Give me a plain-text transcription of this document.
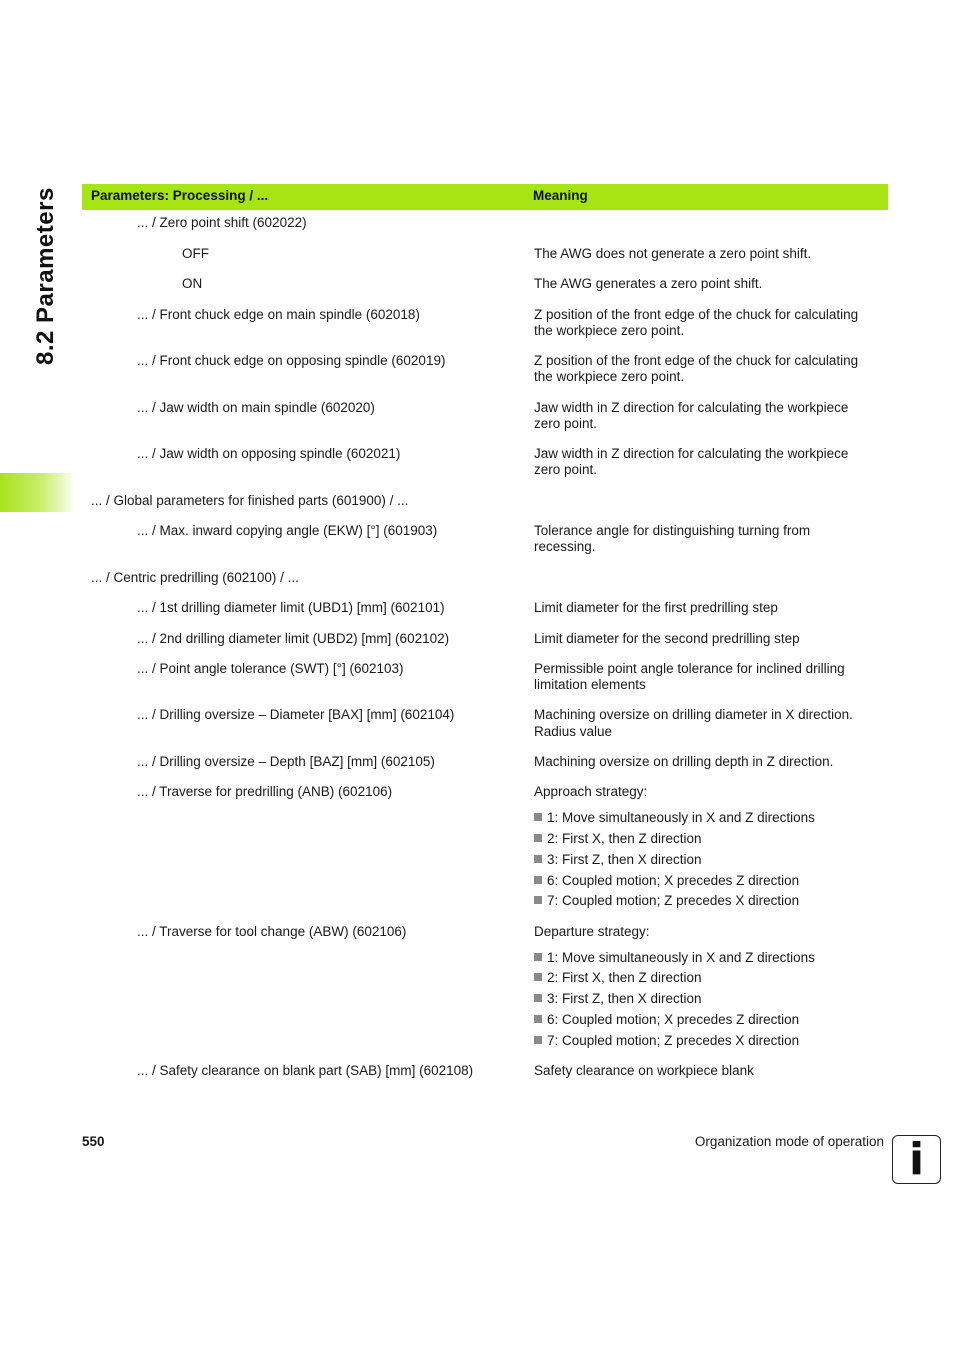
8.2 Parameters Parameters: Processing / ...	Meaning
... / Zero point shift (602022)
OFF	The AWG does not generate a zero point shift.
ON	The AWG generates a zero point shift.
... / Front chuck edge on main spindle (602018)	Z position of the front edge of the chuck for calculating
the workpiece zero point.
... / Front chuck edge on opposing spindle (602019)	Z position of the front edge of the chuck for calculating
the workpiece zero point.
... / Jaw width on main spindle (602020)	Jaw width in Z direction for calculating the workpiece
zero point.
... / Jaw width on opposing spindle (602021)	Jaw width in Z direction for calculating the workpiece
zero point.
... / Global parameters for finished parts (601900) / ...
... / Max. inward copying angle (EKW) [°] (601903)	Tolerance angle for distinguishing turning from
recessing.
... / Centric predrilling (602100) / ...
... / 1st drilling diameter limit (UBD1) [mm] (602101)	Limit diameter for the first predrilling step
... / 2nd drilling diameter limit (UBD2) [mm] (602102)	Limit diameter for the second predrilling step
... / Point angle tolerance (SWT) [°] (602103)	Permissible point angle tolerance for inclined drilling
limitation elements
... / Drilling oversize – Diameter [BAX] [mm] (602104)	Machining oversize on drilling diameter in X direction.
Radius value
... / Drilling oversize – Depth [BAZ] [mm] (602105)	Machining oversize on drilling depth in Z direction.
... / Traverse for predrilling (ANB) (602106)	Approach strategy:
1: Move simultaneously in X and Z directions
2: First X, then Z direction
3: First Z, then X direction
6: Coupled motion; X precedes Z direction
7: Coupled motion; Z precedes X direction
... / Traverse for tool change (ABW) (602106)	Departure strategy:
1: Move simultaneously in X and Z directions
2: First X, then Z direction
3: First Z, then X direction
6: Coupled motion; X precedes Z direction
7: Coupled motion; Z precedes X direction
... / Safety clearance on blank part (SAB) [mm] (602108)	Safety clearance on workpiece blank
550	Organization mode of operation i
